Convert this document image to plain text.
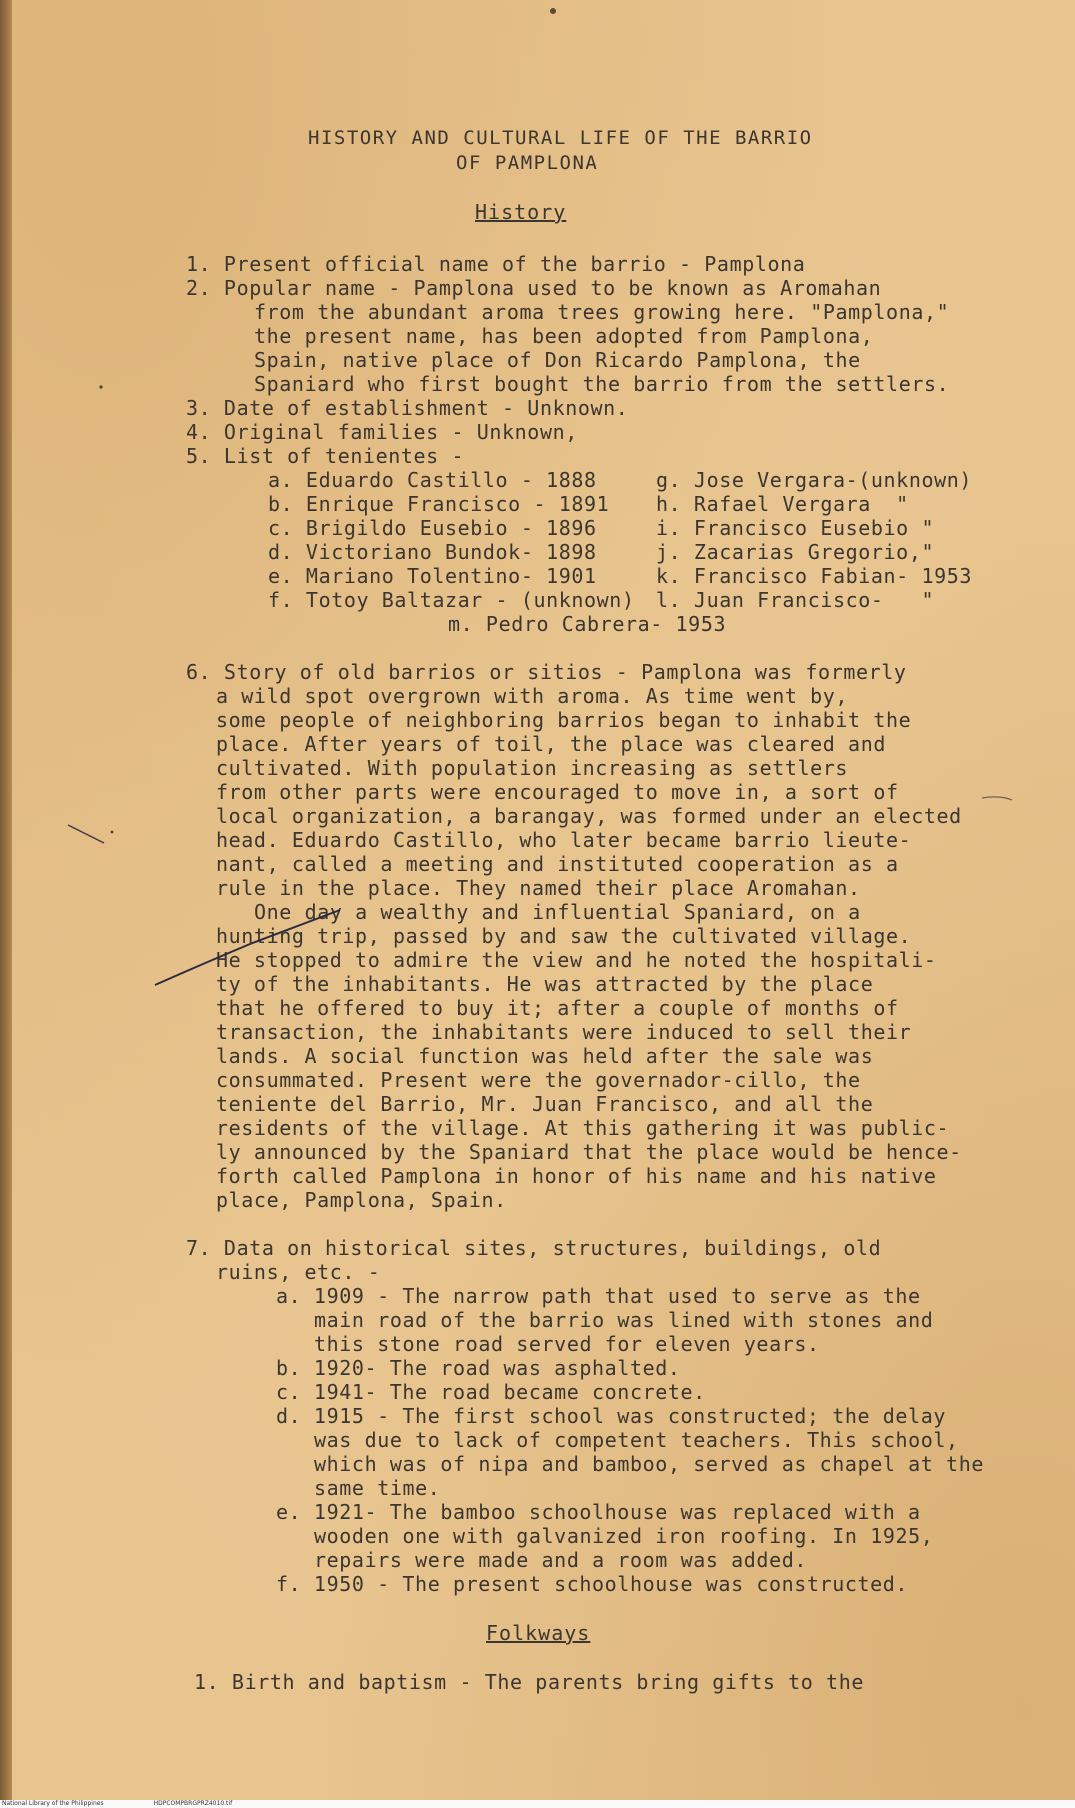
HISTORY AND CULTURAL LIFE OF THE BARRIO
OF PAMPLONA
History
1. Present official name of the barrio - Pamplona
2. Popular name - Pamplona used to be known as Aromahan
from the abundant aroma trees growing here. "Pamplona,"
the present name, has been adopted from Pamplona,
Spain, native place of Don Ricardo Pamplona, the
Spaniard who first bought the barrio from the settlers.
3. Date of establishment - Unknown.
4. Original families - Unknown,
5. List of tenientes -
a. Eduardo Castillo - 1888
b. Enrique Francisco - 1891
c. Brigildo Eusebio - 1896
d. Victoriano Bundok- 1898
e. Mariano Tolentino- 1901
f. Totoy Baltazar - (unknown)
g. Jose Vergara-(unknown)
h. Rafael Vergara  "
i. Francisco Eusebio "
j. Zacarias Gregorio,"
k. Francisco Fabian- 1953
l. Juan Francisco-   "
m. Pedro Cabrera- 1953
6. Story of old barrios or sitios - Pamplona was formerly
a wild spot overgrown with aroma. As time went by,
some people of neighboring barrios began to inhabit the
place. After years of toil, the place was cleared and
cultivated. With population increasing as settlers
from other parts were encouraged to move in, a sort of
local organization, a barangay, was formed under an elected
head. Eduardo Castillo, who later became barrio lieute-
nant, called a meeting and instituted cooperation as a
rule in the place. They named their place Aromahan.
One day a wealthy and influential Spaniard, on a
hunting trip, passed by and saw the cultivated village.
He stopped to admire the view and he noted the hospitali-
ty of the inhabitants. He was attracted by the place
that he offered to buy it; after a couple of months of
transaction, the inhabitants were induced to sell their
lands. A social function was held after the sale was
consummated. Present were the governador-cillo, the
teniente del Barrio, Mr. Juan Francisco, and all the
residents of the village. At this gathering it was public-
ly announced by the Spaniard that the place would be hence-
forth called Pamplona in honor of his name and his native
place, Pamplona, Spain.
7. Data on historical sites, structures, buildings, old
ruins, etc. -
a. 1909 - The narrow path that used to serve as the
main road of the barrio was lined with stones and
this stone road served for eleven years.
b. 1920- The road was asphalted.
c. 1941- The road became concrete.
d. 1915 - The first school was constructed; the delay
was due to lack of competent teachers. This school,
which was of nipa and bamboo, served as chapel at the
same time.
e. 1921- The bamboo schoolhouse was replaced with a
wooden one with galvanized iron roofing. In 1925,
repairs were made and a room was added.
f. 1950 - The present schoolhouse was constructed.
Folkways
1. Birth and baptism - The parents bring gifts to the
National Library of the Philippines	HDPCOMPBRGPRZ4010.tif
